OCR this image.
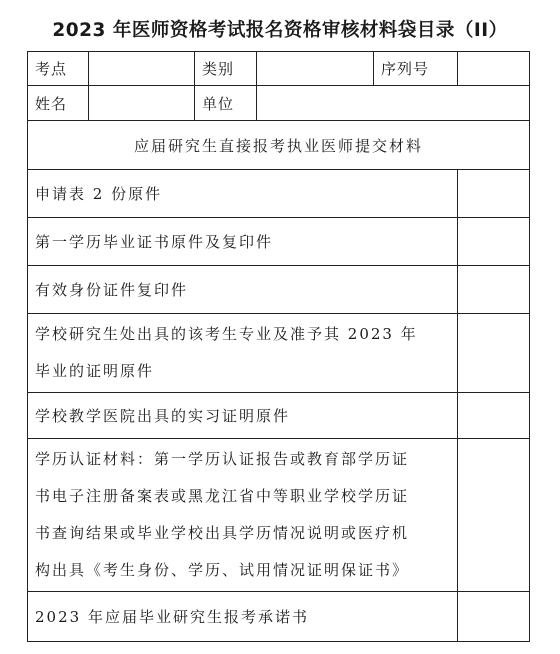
2023 年医师资格考试报名资格审核材料袋目录（II）
考点		类别		序列号	
姓名		单位			
应届研究生直接报考执业医师提交材料					
申请表 2 份原件					
第一学历毕业证书原件及复印件					
有效身份证件复印件					

学校研究生处出具的该考生专业及准予其 2023 年
毕业的证明原件					

学校教学医院出具的实习证明原件					

学历认证材料：第一学历认证报告或教育部学历证
书电子注册备案表或黑龙江省中等职业学校学历证
书查询结果或毕业学校出具学历情况说明或医疗机
构出具《考生身份、学历、试用情况证明保证书》					

2023 年应届毕业研究生报考承诺书					
